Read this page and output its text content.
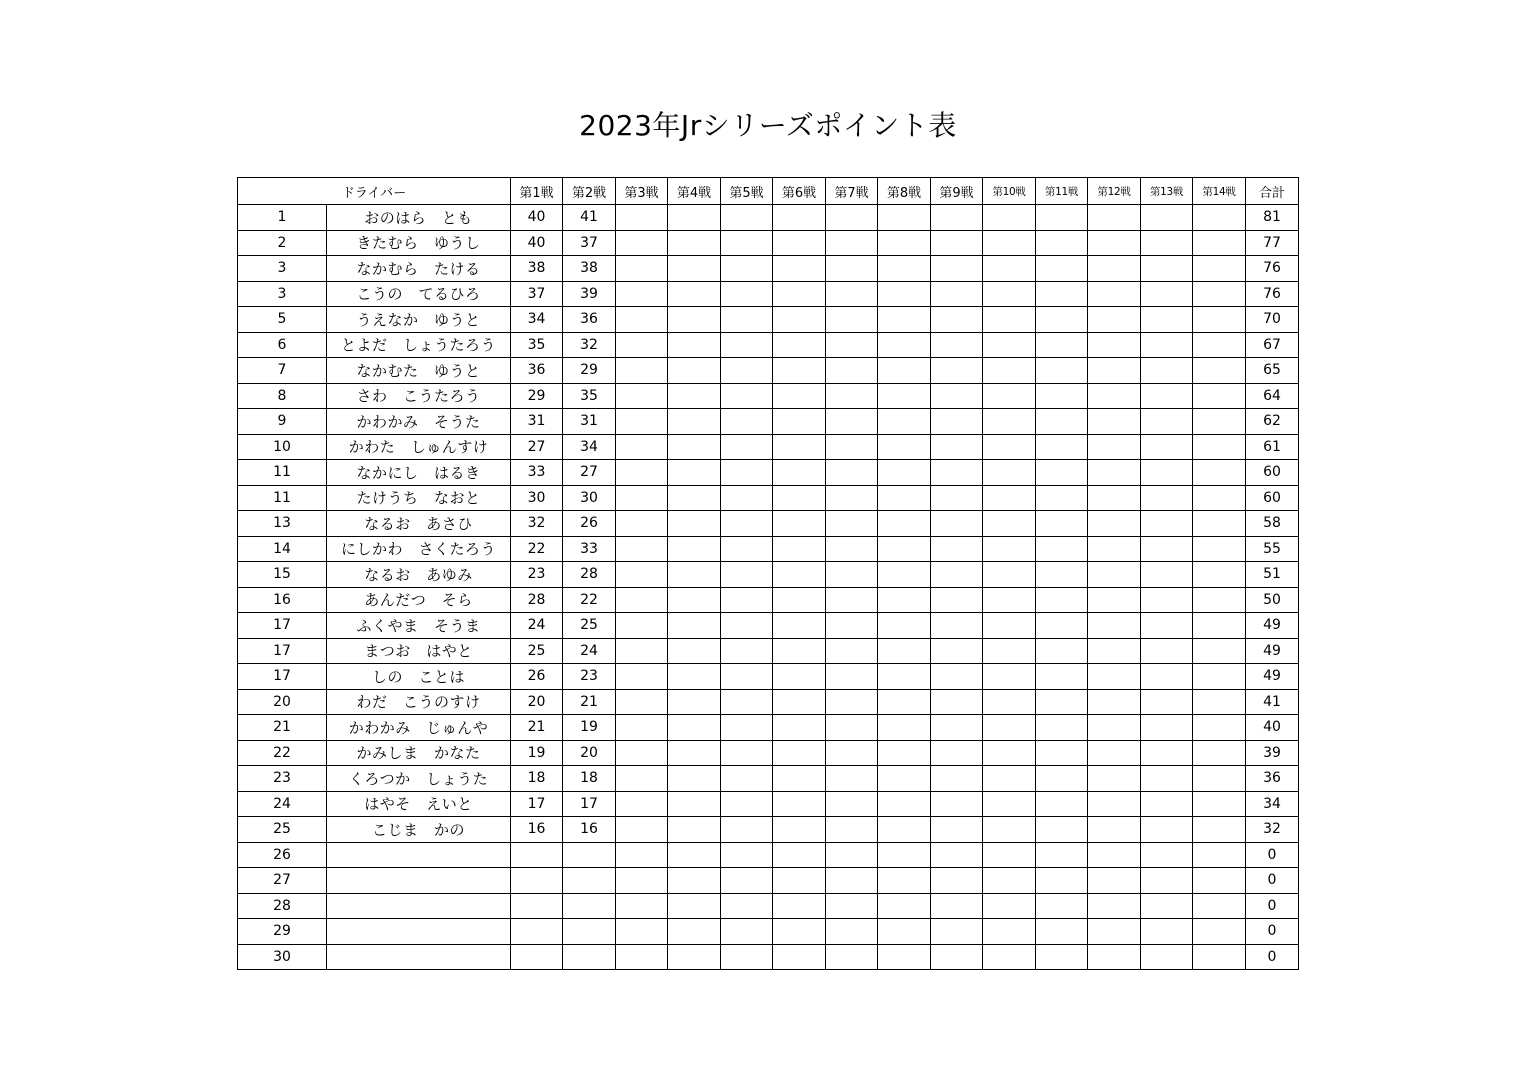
2023年Jrシリーズポイント表
ドライバー		第1戦	第2戦	第3戦	第4戦	第5戦	第6戦	第7戦	第8戦	第9戦	第10戦	第11戦	第12戦	第13戦	第14戦	合計
1	おのはら　とも	40	41													81
2	きたむら　ゆうし	40	37													77
3	なかむら　たける	38	38													76
3	こうの　てるひろ	37	39													76
5	うえなか　ゆうと	34	36													70
6	とよだ　しょうたろう	35	32													67
7	なかむた　ゆうと	36	29													65
8	さわ　こうたろう	29	35													64
9	かわかみ　そうた	31	31													62
10	かわた　しゅんすけ	27	34													61
11	なかにし　はるき	33	27													60
11	たけうち　なおと	30	30													60
13	なるお　あさひ	32	26													58
14	にしかわ　さくたろう	22	33													55
15	なるお　あゆみ	23	28													51
16	あんだつ　そら	28	22													50
17	ふくやま　そうま	24	25													49
17	まつお　はやと	25	24													49
17	しの　ことは	26	23													49
20	わだ　こうのすけ	20	21													41
21	かわかみ　じゅんや	21	19													40
22	かみしま　かなた	19	20													39
23	くろつか　しょうた	18	18													36
24	はやそ　えいと	17	17													34
25	こじま　かの	16	16													32
26																0
27																0
28																0
29																0
30																0
